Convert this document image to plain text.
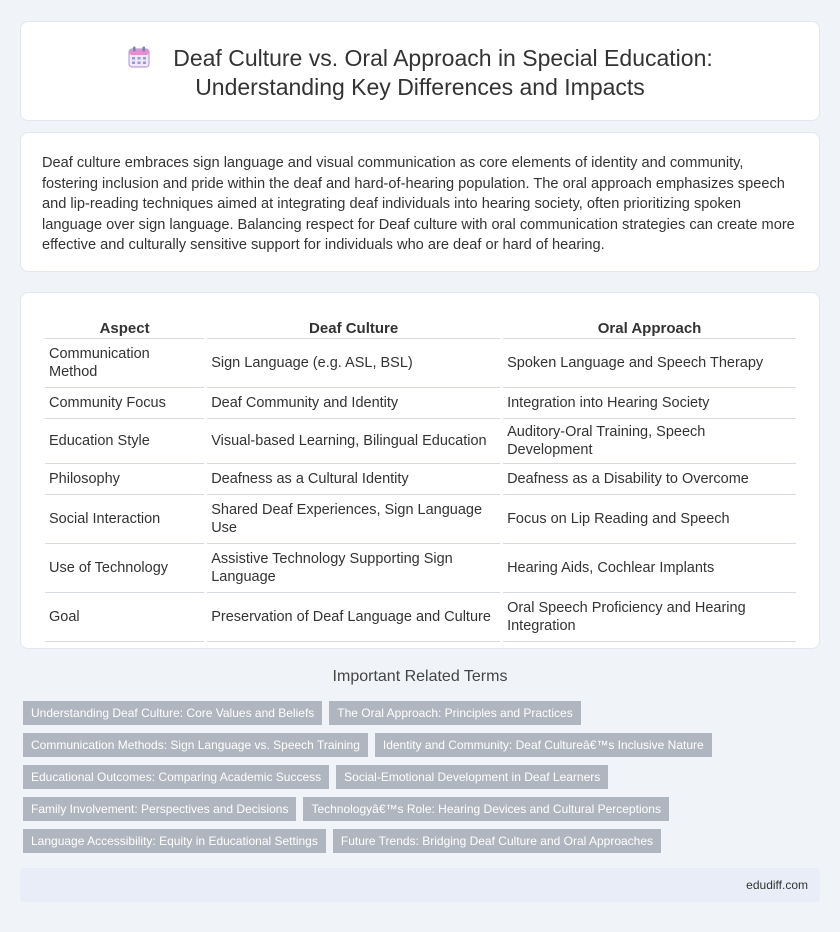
Deaf Culture vs. Oral Approach in Special Education:
Understanding Key Differences and Impacts

Deaf culture embraces sign language and visual communication as core elements of identity and community, fostering inclusion and pride within the deaf and hard-of-hearing population. The oral approach emphasizes speech and lip-reading techniques aimed at integrating deaf individuals into hearing society, often prioritizing spoken language over sign language. Balancing respect for Deaf culture with oral communication strategies can create more effective and culturally sensitive support for individuals who are deaf or hard of hearing.

Aspect	Deaf Culture	Oral Approach
Communication Method	Sign Language (e.g. ASL, BSL)	Spoken Language and Speech Therapy
Community Focus	Deaf Community and Identity	Integration into Hearing Society
Education Style	Visual-based Learning, Bilingual Education	Auditory-Oral Training, Speech Development
Philosophy	Deafness as a Cultural Identity	Deafness as a Disability to Overcome
Social Interaction	Shared Deaf Experiences, Sign Language Use	Focus on Lip Reading and Speech
Use of Technology	Assistive Technology Supporting Sign Language	Hearing Aids, Cochlear Implants
Goal	Preservation of Deaf Language and Culture	Oral Speech Proficiency and Hearing Integration
Important Related Terms
Understanding Deaf Culture: Core Values and Beliefs	The Oral Approach: Principles and Practices
Communication Methods: Sign Language vs. Speech Training	Identity and Community: Deaf Cultureâ€™s Inclusive Nature
Educational Outcomes: Comparing Academic Success	Social-Emotional Development in Deaf Learners
Family Involvement: Perspectives and Decisions	Technologyâ€™s Role: Hearing Devices and Cultural Perceptions
Language Accessibility: Equity in Educational Settings	Future Trends: Bridging Deaf Culture and Oral Approaches
edudiff.com
